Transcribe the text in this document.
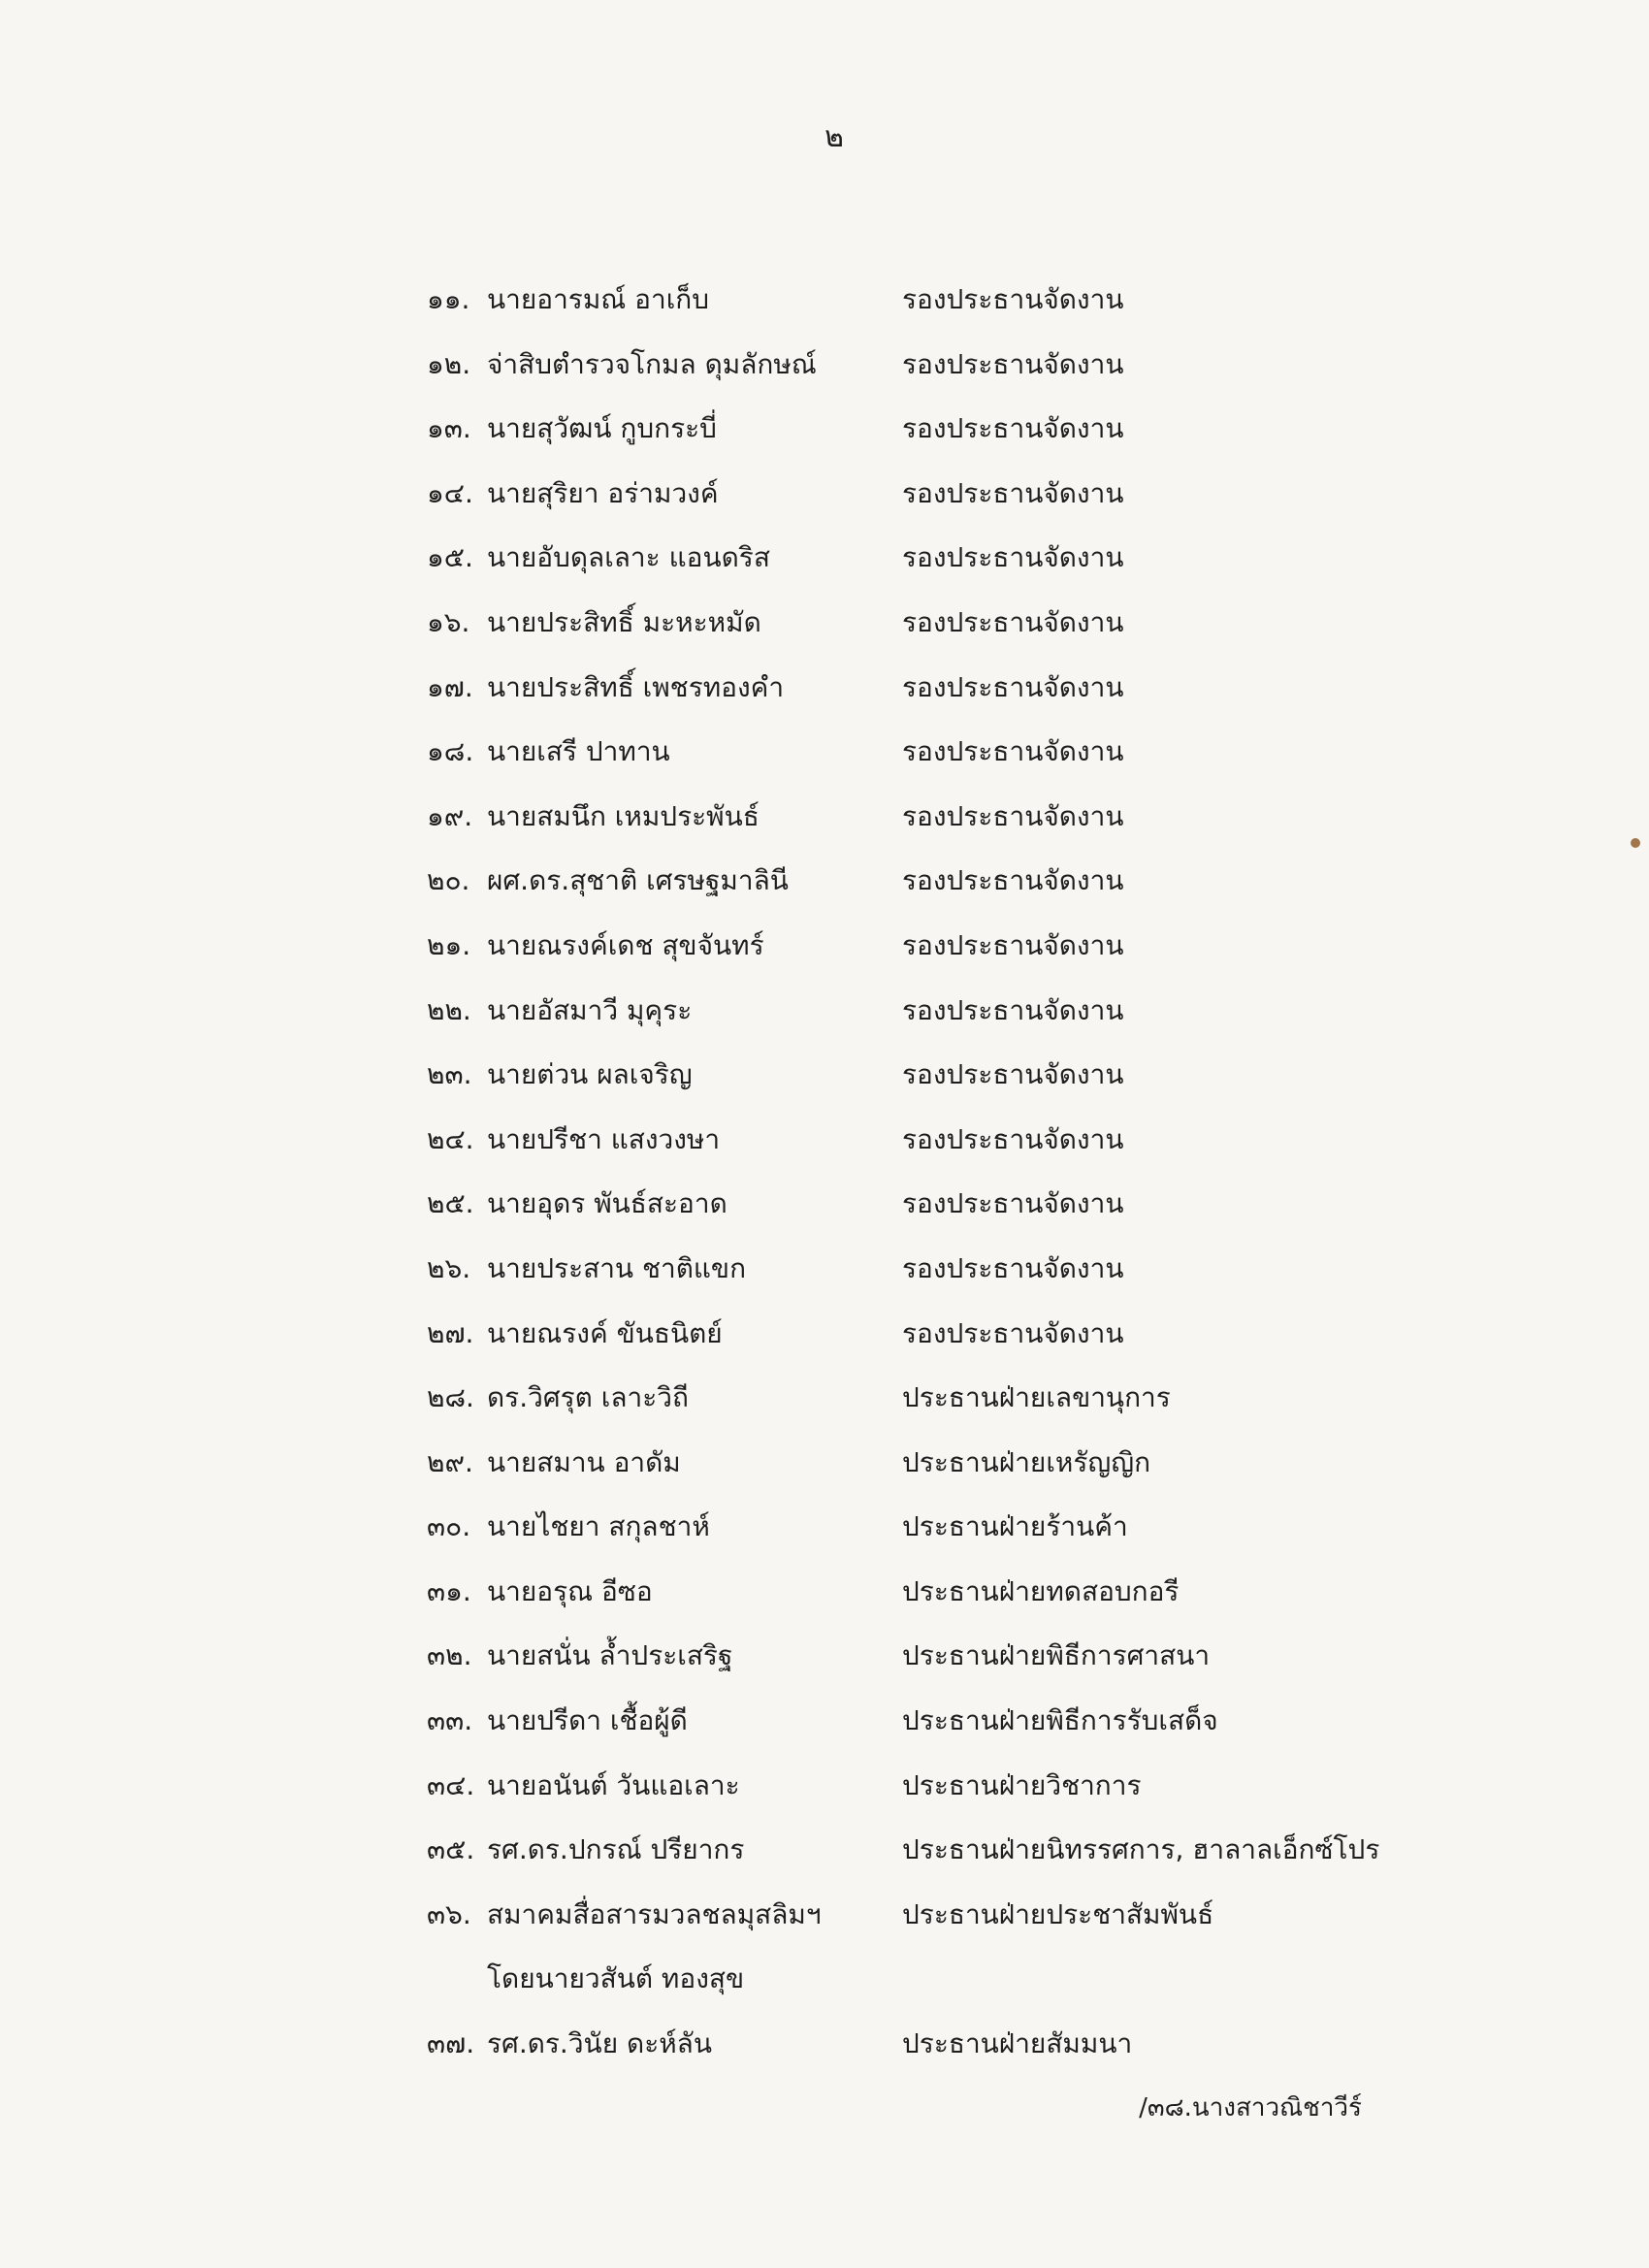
๒
๑๑. นายอารมณ์ อาเก็บ	รองประธานจัดงาน
๑๒. จ่าสิบตำรวจโกมล ดุมลักษณ์	รองประธานจัดงาน
๑๓. นายสุวัฒน์ กูบกระบี่	รองประธานจัดงาน
๑๔. นายสุริยา อร่ามวงค์	รองประธานจัดงาน
๑๕. นายอับดุลเลาะ แอนดริส	รองประธานจัดงาน
๑๖. นายประสิทธิ์ มะหะหมัด	รองประธานจัดงาน
๑๗. นายประสิทธิ์ เพชรทองคำ	รองประธานจัดงาน
๑๘. นายเสรี ปาทาน	รองประธานจัดงาน
๑๙. นายสมนึก เหมประพันธ์	รองประธานจัดงาน
๒๐. ผศ.ดร.สุชาติ เศรษฐมาลินี	รองประธานจัดงาน
๒๑. นายณรงค์เดช สุขจันทร์	รองประธานจัดงาน
๒๒. นายอัสมาวี มุคุระ	รองประธานจัดงาน
๒๓. นายต่วน ผลเจริญ	รองประธานจัดงาน
๒๔. นายปรีชา แสงวงษา	รองประธานจัดงาน
๒๕. นายอุดร พันธ์สะอาด	รองประธานจัดงาน
๒๖. นายประสาน ชาติแขก	รองประธานจัดงาน
๒๗. นายณรงค์ ขันธนิตย์	รองประธานจัดงาน
๒๘. ดร.วิศรุต เลาะวิถี	ประธานฝ่ายเลขานุการ
๒๙. นายสมาน อาดัม	ประธานฝ่ายเหรัญญิก
๓๐. นายไชยา สกุลชาห์	ประธานฝ่ายร้านค้า
๓๑. นายอรุณ อีซอ	ประธานฝ่ายทดสอบกอรี
๓๒. นายสนั่น ล้ำประเสริฐ	ประธานฝ่ายพิธีการศาสนา
๓๓. นายปรีดา เชื้อผู้ดี	ประธานฝ่ายพิธีการรับเสด็จ
๓๔. นายอนันต์ วันแอเลาะ	ประธานฝ่ายวิชาการ
๓๕. รศ.ดร.ปกรณ์ ปรียากร	ประธานฝ่ายนิทรรศการ, ฮาลาลเอ็กซ์โปร
๓๖. สมาคมสื่อสารมวลชลมุสลิมฯ	ประธานฝ่ายประชาสัมพันธ์
โดยนายวสันต์ ทองสุข
๓๗. รศ.ดร.วินัย ดะห์ลัน	ประธานฝ่ายสัมมนา
/๓๘.นางสาวณิชาวีร์
